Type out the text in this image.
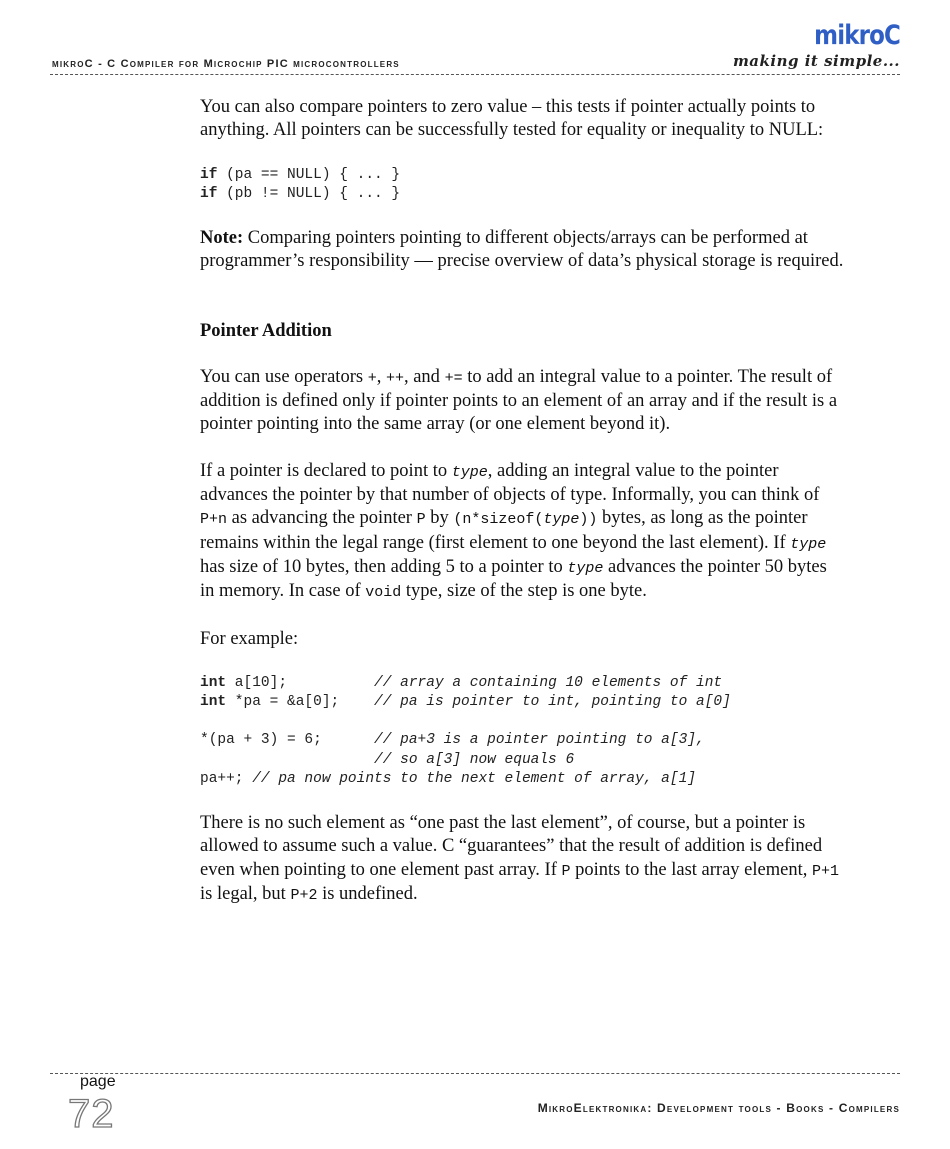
mikroC - C Compiler for Microchip PIC microcontrollers
mikroC
making it simple...

You can also compare pointers to zero value – this tests if pointer actually points to anything. All pointers can be successfully tested for equality or inequality to NULL:

if (pa == NULL) { ... }
if (pb != NULL) { ... }

Note: Comparing pointers pointing to different objects/arrays can be performed at programmer’s responsibility — precise overview of data’s physical storage is required.

Pointer Addition

You can use operators +, ++, and += to add an integral value to a pointer. The result of addition is defined only if pointer points to an element of an array and if the result is a pointer pointing into the same array (or one element beyond it).

If a pointer is declared to point to type, adding an integral value to the pointer advances the pointer by that number of objects of type. Informally, you can think of P+n as advancing the pointer P by (n*sizeof(type)) bytes, as long as the pointer remains within the legal range (first element to one beyond the last element). If type has size of 10 bytes, then adding 5 to a pointer to type advances the pointer 50 bytes in memory. In case of void type, size of the step is one byte.

For example:

int a[10];          // array a containing 10 elements of int
int *pa = &a[0];    // pa is pointer to int, pointing to a[0]

*(pa + 3) = 6;      // pa+3 is a pointer pointing to a[3],
// so a[3] now equals 6
pa++; // pa now points to the next element of array, a[1]

There is no such element as “one past the last element”, of course, but a pointer is allowed to assume such a value. C “guarantees” that the result of addition is defined even when pointing to one element past array. If P points to the last array element, P+1 is legal, but P+2 is undefined.

page
72	MikroElektronika: Development tools - Books - Compilers
